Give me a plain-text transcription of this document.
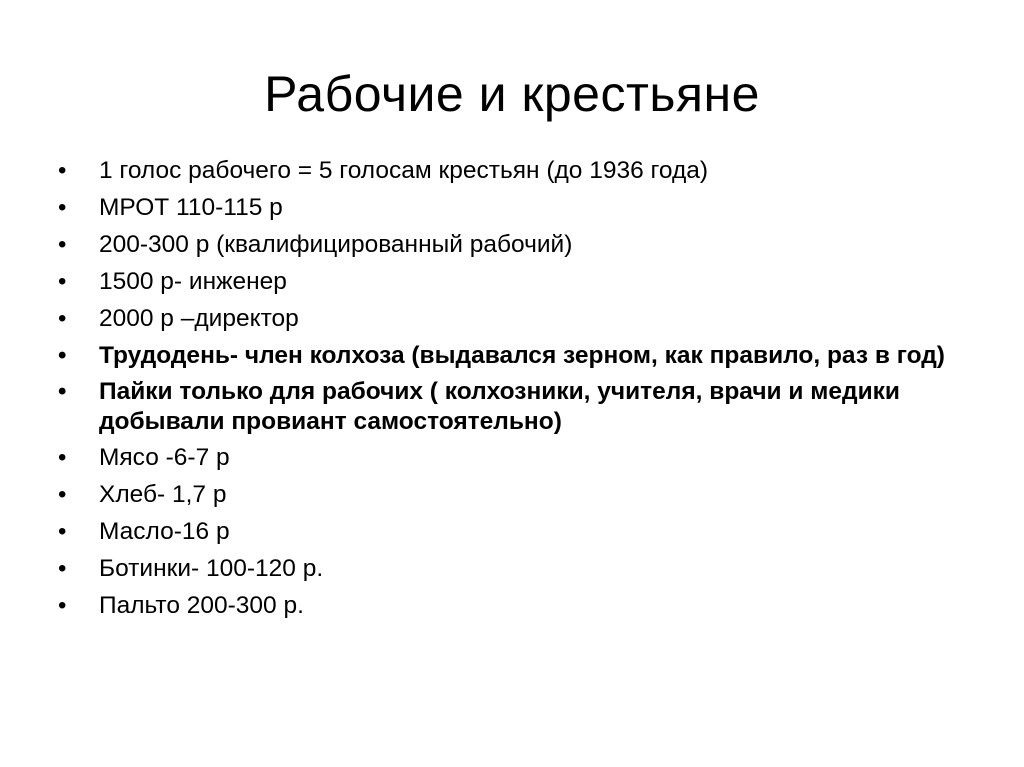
Рабочие и крестьяне
•	1 голос рабочего = 5 голосам крестьян (до 1936 года)
•	МРОТ 110-115 р
•	200-300 р (квалифицированный рабочий)
•	1500 р- инженер
•	2000 р –директор
•	Трудодень- член колхоза (выдавался зерном, как правило, раз в год)
•	Пайки только для рабочих ( колхозники, учителя, врачи и медики добывали провиант самостоятельно)
•	Мясо -6-7 р
•	Хлеб- 1,7 р
•	Масло-16 р
•	Ботинки- 100-120 р.
•	Пальто 200-300 р.
